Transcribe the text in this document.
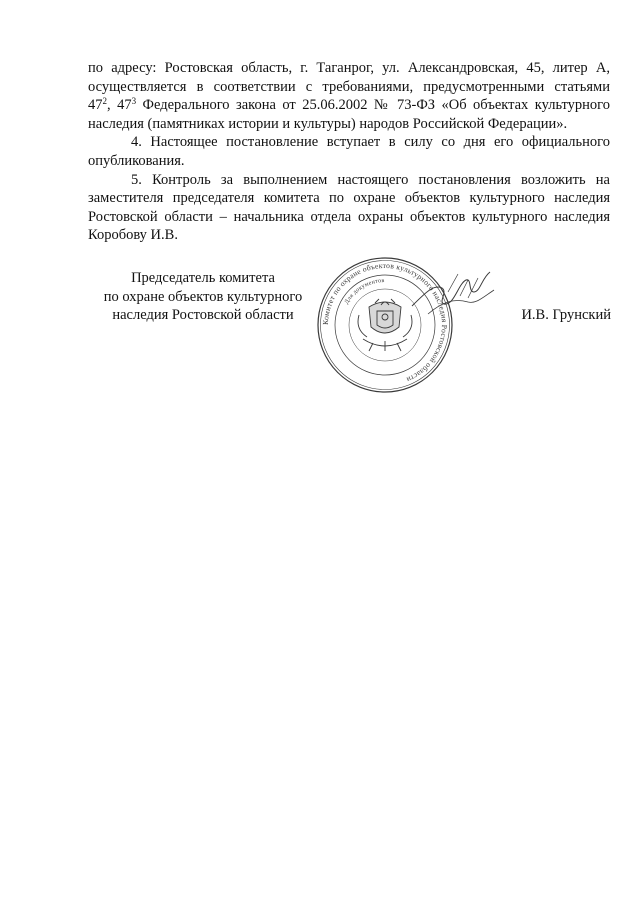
по адресу: Ростовская область, г. Таганрог, ул. Александровская, 45, литер А,
осуществляется в соответствии с требованиями, предусмотренными статьями
$47^2$, $47^3$ Федерального закона от 25.06.2002 № 73-ФЗ «Об объектах культурного
наследия (памятниках истории и культуры) народов Российской Федерации».

4. Настоящее постановление вступает в силу со дня его официального опубликования.

5. Контроль за выполнением настоящего постановления возложить на заместителя председателя комитета по охране объектов культурного наследия Ростовской области – начальника отдела охраны объектов культурного наследия Коробову И.В.

Председатель комитета
по охране объектов культурного
наследия Ростовской области	Комитет по охране объектов культурного наследия Ростовской области
Для документов
И.В. Грунский
